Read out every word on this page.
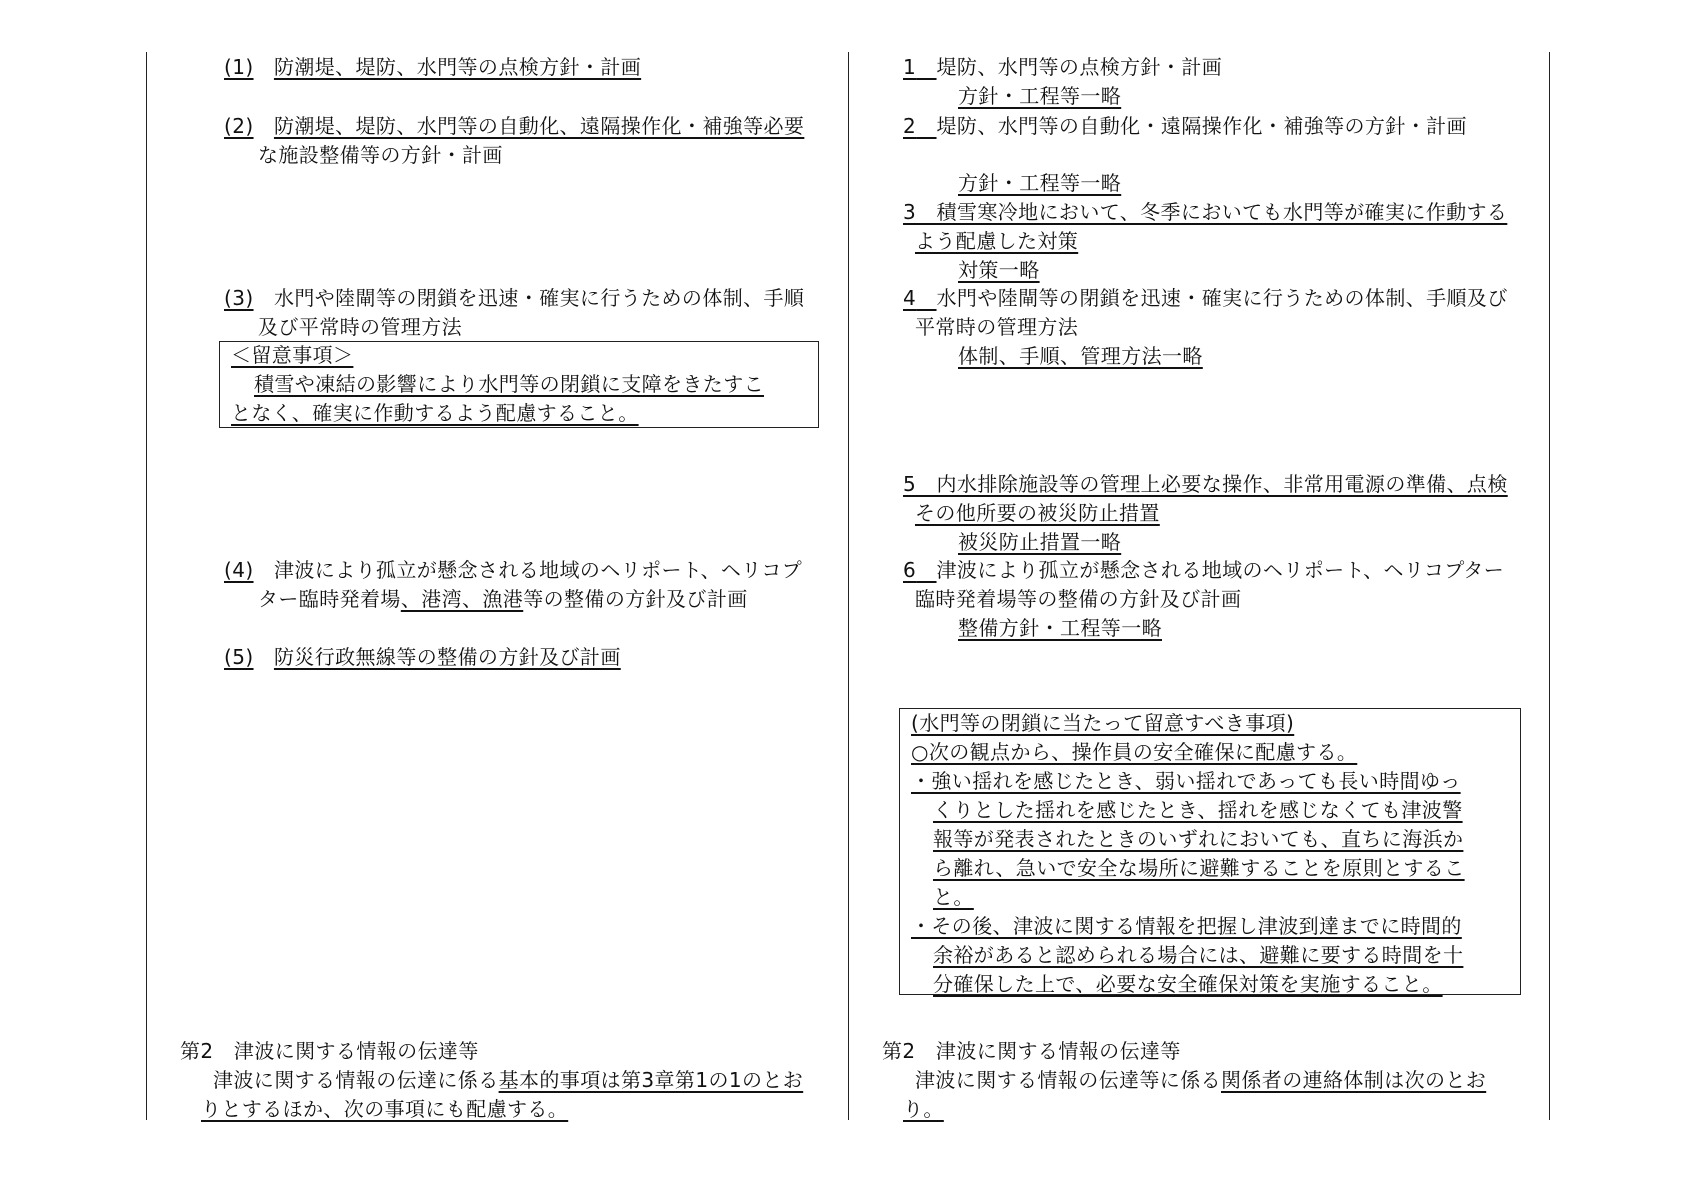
(1)　 防潮堤、堤防、水門等の点検方針・計画
(2)　 防潮堤、堤防、水門等の自動化、遠隔操作化・補強等必要
な施設整備等の方針・計画
(3)　 水門や陸閘等の閉鎖を迅速・確実に行うための体制、手順
及び平常時の管理方法
＜留意事項＞
積雪や凍結の影響により水門等の閉鎖に支障をきたすこ
となく、確実に作動するよう配慮すること。
(4)　 津波により孤立が懸念される地域のヘリポート、ヘリコプ
ター臨時発着場、港湾、漁港等の整備の方針及び計画
(5)　 防災行政無線等の整備の方針及び計画
第2　津波に関する情報の伝達等
津波に関する情報の伝達に係る基本的事項は第3章第1の1のとお
りとするほか、次の事項にも配慮する。
1　 堤防、水門等の点検方針・計画
方針・工程等一略
2　 堤防、水門等の自動化・遠隔操作化・補強等の方針・計画
方針・工程等一略
3　積雪寒冷地において、冬季においても水門等が確実に作動する
よう配慮した対策
対策一略
4　 水門や陸閘等の閉鎖を迅速・確実に行うための体制、手順及び
平常時の管理方法
体制、手順、管理方法一略
5　内水排除施設等の管理上必要な操作、非常用電源の準備、点検
その他所要の被災防止措置
被災防止措置一略
6　 津波により孤立が懸念される地域のヘリポート、ヘリコプター
臨時発着場等の整備の方針及び計画
整備方針・工程等一略
(水門等の閉鎖に当たって留意すべき事項)
○次の観点から、操作員の安全確保に配慮する。
・強い揺れを感じたとき、弱い揺れであっても長い時間ゆっ
くりとした揺れを感じたとき、揺れを感じなくても津波警
報等が発表されたときのいずれにおいても、直ちに海浜か
ら離れ、急いで安全な場所に避難することを原則とするこ
と。
・その後、津波に関する情報を把握し津波到達までに時間的
余裕があると認められる場合には、避難に要する時間を十
分確保した上で、必要な安全確保対策を実施すること。
第2　津波に関する情報の伝達等
津波に関する情報の伝達等に係る関係者の連絡体制は次のとお
り。
